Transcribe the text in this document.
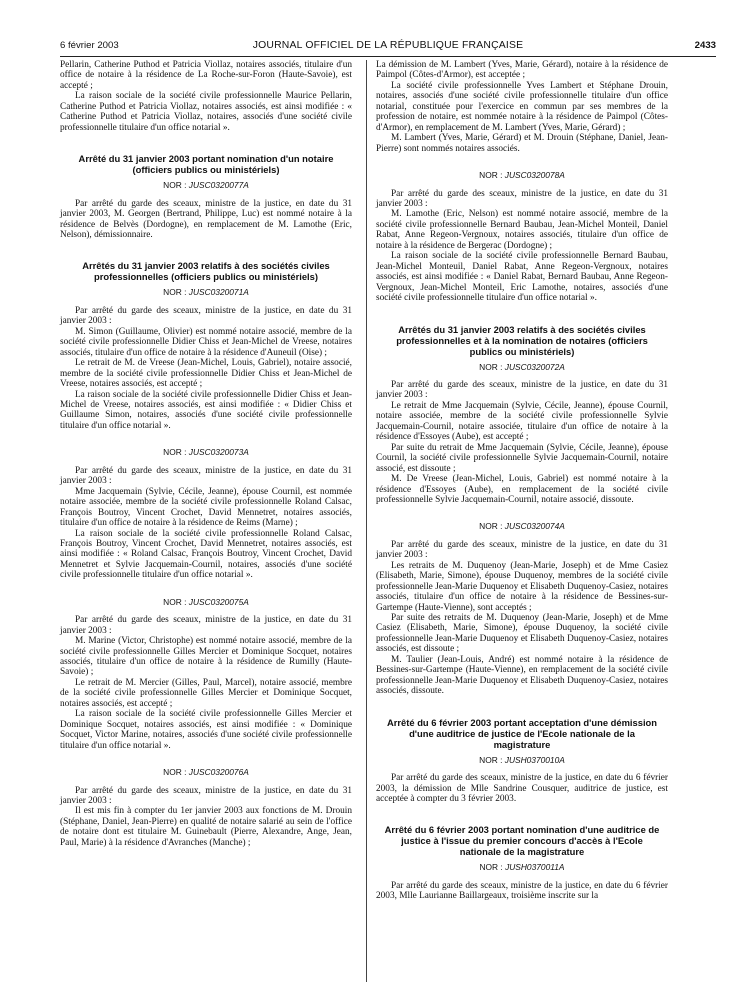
6 février 2003	JOURNAL OFFICIEL DE LA RÉPUBLIQUE FRANÇAISE	2433

Pellarin, Catherine Puthod et Patricia Viollaz, notaires associés, titulaire d'un office de notaire à la résidence de La Roche-sur-Foron (Haute-Savoie), est accepté ;

La raison sociale de la société civile professionnelle Maurice Pellarin, Catherine Puthod et Patricia Viollaz, notaires associés, est ainsi modifiée : « Catherine Puthod et Patricia Viollaz, notaires, associés d'une société civile professionnelle titulaire d'un office notarial ».

Arrêté du 31 janvier 2003 portant nomination d'un notaire (officiers publics ou ministériels)
NOR : JUSC0320077A

Par arrêté du garde des sceaux, ministre de la justice, en date du 31 janvier 2003, M. Georgen (Bertrand, Philippe, Luc) est nommé notaire à la résidence de Belvès (Dordogne), en remplacement de M. Lamothe (Eric, Nelson), démissionnaire.

Arrêtés du 31 janvier 2003 relatifs à des sociétés civiles professionnelles (officiers publics ou ministériels)
NOR : JUSC0320071A

Par arrêté du garde des sceaux, ministre de la justice, en date du 31 janvier 2003 :

M. Simon (Guillaume, Olivier) est nommé notaire associé, membre de la société civile professionnelle Didier Chiss et Jean-Michel de Vreese, notaires associés, titulaire d'un office de notaire à la résidence d'Auneuil (Oise) ;

Le retrait de M. de Vreese (Jean-Michel, Louis, Gabriel), notaire associé, membre de la société civile professionnelle Didier Chiss et Jean-Michel de Vreese, notaires associés, est accepté ;

La raison sociale de la société civile professionnelle Didier Chiss et Jean-Michel de Vreese, notaires associés, est ainsi modifiée : « Didier Chiss et Guillaume Simon, notaires, associés d'une société civile professionnelle titulaire d'un office notarial ».

NOR : JUSC0320073A

Par arrêté du garde des sceaux, ministre de la justice, en date du 31 janvier 2003 :

Mme Jacquemain (Sylvie, Cécile, Jeanne), épouse Cournil, est nommée notaire associée, membre de la société civile professionnelle Roland Calsac, François Boutroy, Vincent Crochet, David Mennetret, notaires associés, titulaire d'un office de notaire à la résidence de Reims (Marne) ;

La raison sociale de la société civile professionnelle Roland Calsac, François Boutroy, Vincent Crochet, David Mennetret, notaires associés, est ainsi modifiée : « Roland Calsac, François Boutroy, Vincent Crochet, David Mennetret et Sylvie Jacquemain-Cournil, notaires, associés d'une société civile professionnelle titulaire d'un office notarial ».

NOR : JUSC0320075A

Par arrêté du garde des sceaux, ministre de la justice, en date du 31 janvier 2003 :

M. Marine (Victor, Christophe) est nommé notaire associé, membre de la société civile professionnelle Gilles Mercier et Dominique Socquet, notaires associés, titulaire d'un office de notaire à la résidence de Rumilly (Haute-Savoie) ;

Le retrait de M. Mercier (Gilles, Paul, Marcel), notaire associé, membre de la société civile professionnelle Gilles Mercier et Dominique Socquet, notaires associés, est accepté ;

La raison sociale de la société civile professionnelle Gilles Mercier et Dominique Socquet, notaires associés, est ainsi modifiée : « Dominique Socquet, Victor Marine, notaires, associés d'une société civile professionnelle titulaire d'un office notarial ».

NOR : JUSC0320076A

Par arrêté du garde des sceaux, ministre de la justice, en date du 31 janvier 2003 :

Il est mis fin à compter du 1er janvier 2003 aux fonctions de M. Drouin (Stéphane, Daniel, Jean-Pierre) en qualité de notaire salarié au sein de l'office de notaire dont est titulaire M. Guinebault (Pierre, Alexandre, Ange, Jean, Paul, Marie) à la résidence d'Avranches (Manche) ;

La démission de M. Lambert (Yves, Marie, Gérard), notaire à la résidence de Paimpol (Côtes-d'Armor), est acceptée ;

La société civile professionnelle Yves Lambert et Stéphane Drouin, notaires, associés d'une société civile professionnelle titulaire d'un office notarial, constituée pour l'exercice en commun par ses membres de la profession de notaire, est nommée notaire à la résidence de Paimpol (Côtes-d'Armor), en remplacement de M. Lambert (Yves, Marie, Gérard) ;

M. Lambert (Yves, Marie, Gérard) et M. Drouin (Stéphane, Daniel, Jean-Pierre) sont nommés notaires associés.

NOR : JUSC0320078A

Par arrêté du garde des sceaux, ministre de la justice, en date du 31 janvier 2003 :

M. Lamothe (Eric, Nelson) est nommé notaire associé, membre de la société civile professionnelle Bernard Baubau, Jean-Michel Monteil, Daniel Rabat, Anne Regeon-Vergnoux, notaires associés, titulaire d'un office de notaire à la résidence de Bergerac (Dordogne) ;

La raison sociale de la société civile professionnelle Bernard Baubau, Jean-Michel Monteuil, Daniel Rabat, Anne Regeon-Vergnoux, notaires associés, est ainsi modifiée : « Daniel Rabat, Bernard Baubau, Anne Regeon-Vergnoux, Jean-Michel Monteil, Eric Lamothe, notaires, associés d'une société civile professionnelle titulaire d'un office notarial ».

Arrêtés du 31 janvier 2003 relatifs à des sociétés civiles professionnelles et à la nomination de notaires (officiers publics ou ministériels)
NOR : JUSC0320072A

Par arrêté du garde des sceaux, ministre de la justice, en date du 31 janvier 2003 :

Le retrait de Mme Jacquemain (Sylvie, Cécile, Jeanne), épouse Cournil, notaire associée, membre de la société civile professionnelle Sylvie Jacquemain-Cournil, notaire associée, titulaire d'un office de notaire à la résidence d'Essoyes (Aube), est accepté ;

Par suite du retrait de Mme Jacquemain (Sylvie, Cécile, Jeanne), épouse Cournil, la société civile professionnelle Sylvie Jacquemain-Cournil, notaire associé, est dissoute ;

M. De Vreese (Jean-Michel, Louis, Gabriel) est nommé notaire à la résidence d'Essoyes (Aube), en remplacement de la société civile professionnelle Sylvie Jacquemain-Cournil, notaire associé, dissoute.

NOR : JUSC0320074A

Par arrêté du garde des sceaux, ministre de la justice, en date du 31 janvier 2003 :

Les retraits de M. Duquenoy (Jean-Marie, Joseph) et de Mme Casiez (Elisabeth, Marie, Simone), épouse Duquenoy, membres de la société civile professionnelle Jean-Marie Duquenoy et Elisabeth Duquenoy-Casiez, notaires associés, titulaire d'un office de notaire à la résidence de Bessines-sur-Gartempe (Haute-Vienne), sont acceptés ;

Par suite des retraits de M. Duquenoy (Jean-Marie, Joseph) et de Mme Casiez (Elisabeth, Marie, Simone), épouse Duquenoy, la société civile professionnelle Jean-Marie Duquenoy et Elisabeth Duquenoy-Casiez, notaires associés, est dissoute ;

M. Taulier (Jean-Louis, André) est nommé notaire à la résidence de Bessines-sur-Gartempe (Haute-Vienne), en remplacement de la société civile professionnelle Jean-Marie Duquenoy et Elisabeth Duquenoy-Casiez, notaires associés, dissoute.

Arrêté du 6 février 2003 portant acceptation d'une démission d'une auditrice de justice de l'Ecole nationale de la magistrature
NOR : JUSH0370010A

Par arrêté du garde des sceaux, ministre de la justice, en date du 6 février 2003, la démission de Mlle Sandrine Cousquer, auditrice de justice, est acceptée à compter du 3 février 2003.

Arrêté du 6 février 2003 portant nomination d'une auditrice de justice à l'issue du premier concours d'accès à l'Ecole nationale de la magistrature
NOR : JUSH0370011A

Par arrêté du garde des sceaux, ministre de la justice, en date du 6 février 2003, Mlle Laurianne Baillargeaux, troisième inscrite sur la
